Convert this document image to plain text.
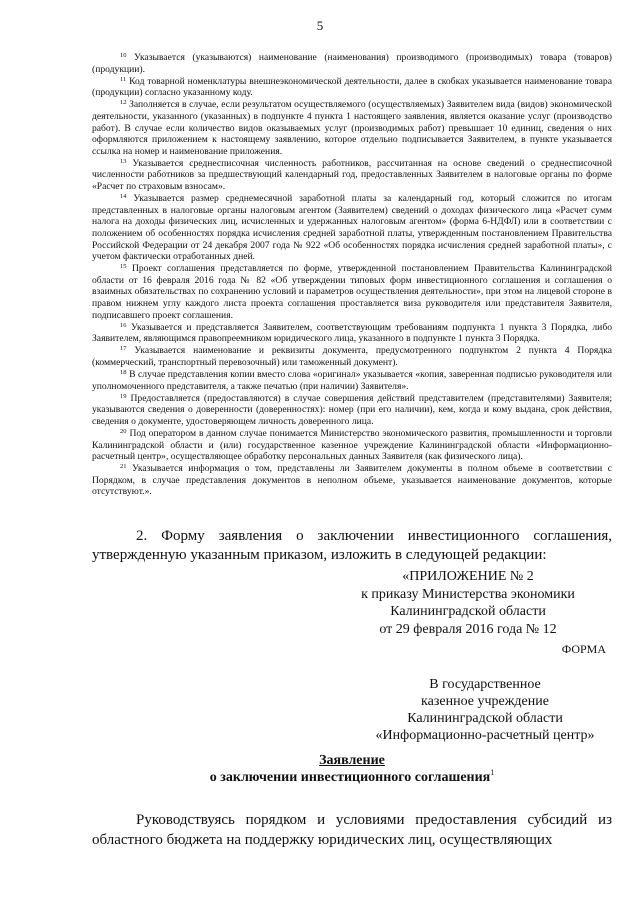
5

$^{10}$ Указывается (указываются) наименование (наименования) производимого (производимых) товара (товаров) (продукции).

$^{11}$ Код товарной номенклатуры внешнеэкономической деятельности, далее в скобках указывается наименование товара (продукции) согласно указанному коду.

$^{12}$ Заполняется в случае, если результатом осуществляемого (осуществляемых) Заявителем вида (видов) экономической деятельности, указанного (указанных) в подпункте 4 пункта 1 настоящего заявления, является оказание услуг (производство работ). В случае если количество видов оказываемых услуг (производимых работ) превышает 10 единиц, сведения о них оформляются приложением к настоящему заявлению, которое отдельно подписывается Заявителем, в пункте указывается ссылка на номер и наименование приложения.

$^{13}$ Указывается среднесписочная численность работников, рассчитанная на основе сведений о среднесписочной численности работников за предшествующий календарный год, предоставленных Заявителем в налоговые органы по форме «Расчет по страховым взносам».

$^{14}$ Указывается размер среднемесячной заработной платы за календарный год, который сложится по итогам представленных в налоговые органы налоговым агентом (Заявителем) сведений о доходах физического лица «Расчет сумм налога на доходы физических лиц, исчисленных и удержанных налоговым агентом» (форма 6-НДФЛ) или в соответствии с положением об особенностях порядка исчисления средней заработной платы, утвержденным постановлением Правительства Российской Федерации от 24 декабря 2007 года № 922 «Об особенностях порядка исчисления средней заработной платы», с учетом фактически отработанных дней.

$^{15}$ Проект соглашения представляется по форме, утвержденной постановлением Правительства Калининградской области от 16 февраля 2016 года № 82 «Об утверждении типовых форм инвестиционного соглашения и соглашения о взаимных обязательствах по сохранению условий и параметров осуществления деятельности», при этом на лицевой стороне в правом нижнем углу каждого листа проекта соглашения проставляется виза руководителя или представителя Заявителя, подписавшего проект соглашения.

$^{16}$ Указывается и представляется Заявителем, соответствующим требованиям подпункта 1 пункта 3 Порядка, либо Заявителем, являющимся правопреемником юридического лица, указанного в подпункте 1 пункта 3 Порядка.

$^{17}$ Указывается наименование и реквизиты документа, предусмотренного подпунктом 2 пункта 4 Порядка (коммерческий, транспортный перевозочный) или таможенный документ).

$^{18}$ В случае представления копии вместо слова «оригинал» указывается «копия, заверенная подписью руководителя или уполномоченного представителя, а также печатью (при наличии) Заявителя».

$^{19}$ Предоставляется (предоставляются) в случае совершения действий представителем (представителями) Заявителя; указываются сведения о доверенности (доверенностях): номер (при его наличии), кем, когда и кому выдана, срок действия, сведения о документе, удостоверяющем личность доверенного лица.

$^{20}$ Под оператором в данном случае понимается Министерство экономического развития, промышленности и торговли Калининградской области и (или) государственное казенное учреждение Калининградской области «Информационно-расчетный центр», осуществляющее обработку персональных данных Заявителя (как физического лица).

$^{21}$ Указывается информация о том, представлены ли Заявителем документы в полном объеме в соответствии с Порядком, в случае представления документов в неполном объеме, указывается наименование документов, которые отсутствуют.».

2. Форму заявления о заключении инвестиционного соглашения, утвержденную указанным приказом, изложить в следующей редакции:

«ПРИЛОЖЕНИЕ № 2
к приказу Министерства экономики
Калининградской области
от 29 февраля 2016 года № 12
ФОРМА
В государственное
казенное учреждение
Калининградской области
«Информационно-расчетный центр»
Заявление
о заключении инвестиционного соглашения$^1$

Руководствуясь порядком и условиями предоставления субсидий из областного бюджета на поддержку юридических лиц, осуществляющих
